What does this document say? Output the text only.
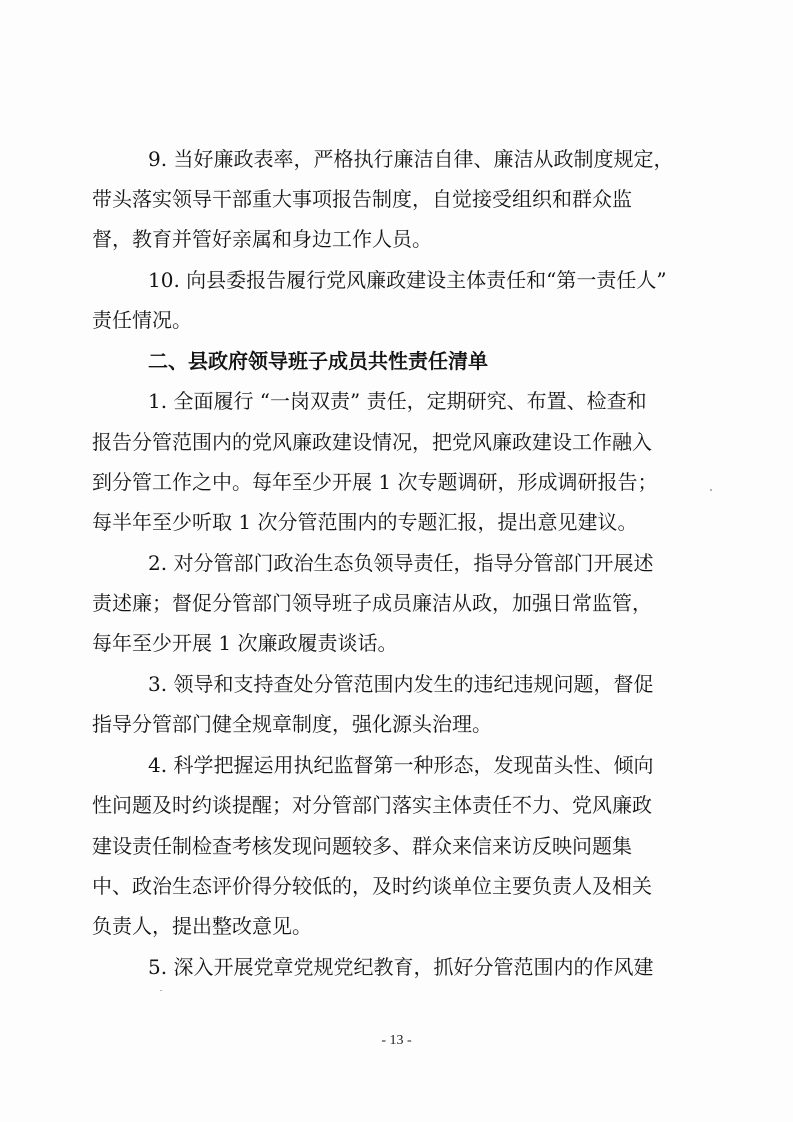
9. 当好廉政表率，严格执行廉洁自律、廉洁从政制度规定，

带头落实领导干部重大事项报告制度，自觉接受组织和群众监

督，教育并管好亲属和身边工作人员。

10. 向县委报告履行党风廉政建设主体责任和“第一责任人”

责任情况。

二、县政府领导班子成员共性责任清单

1. 全面履行 “一岗双责” 责任，定期研究、布置、检查和

报告分管范围内的党风廉政建设情况，把党风廉政建设工作融入

到分管工作之中。每年至少开展 1 次专题调研，形成调研报告；

每半年至少听取 1 次分管范围内的专题汇报，提出意见建议。

2. 对分管部门政治生态负领导责任，指导分管部门开展述

责述廉；督促分管部门领导班子成员廉洁从政，加强日常监管，

每年至少开展 1 次廉政履责谈话。

3. 领导和支持查处分管范围内发生的违纪违规问题，督促

指导分管部门健全规章制度，强化源头治理。

4. 科学把握运用执纪监督第一种形态，发现苗头性、倾向

性问题及时约谈提醒；对分管部门落实主体责任不力、党风廉政

建设责任制检查考核发现问题较多、群众来信来访反映问题集

中、政治生态评价得分较低的，及时约谈单位主要负责人及相关

负责人，提出整改意见。

5. 深入开展党章党规党纪教育，抓好分管范围内的作风建

- 13 -
